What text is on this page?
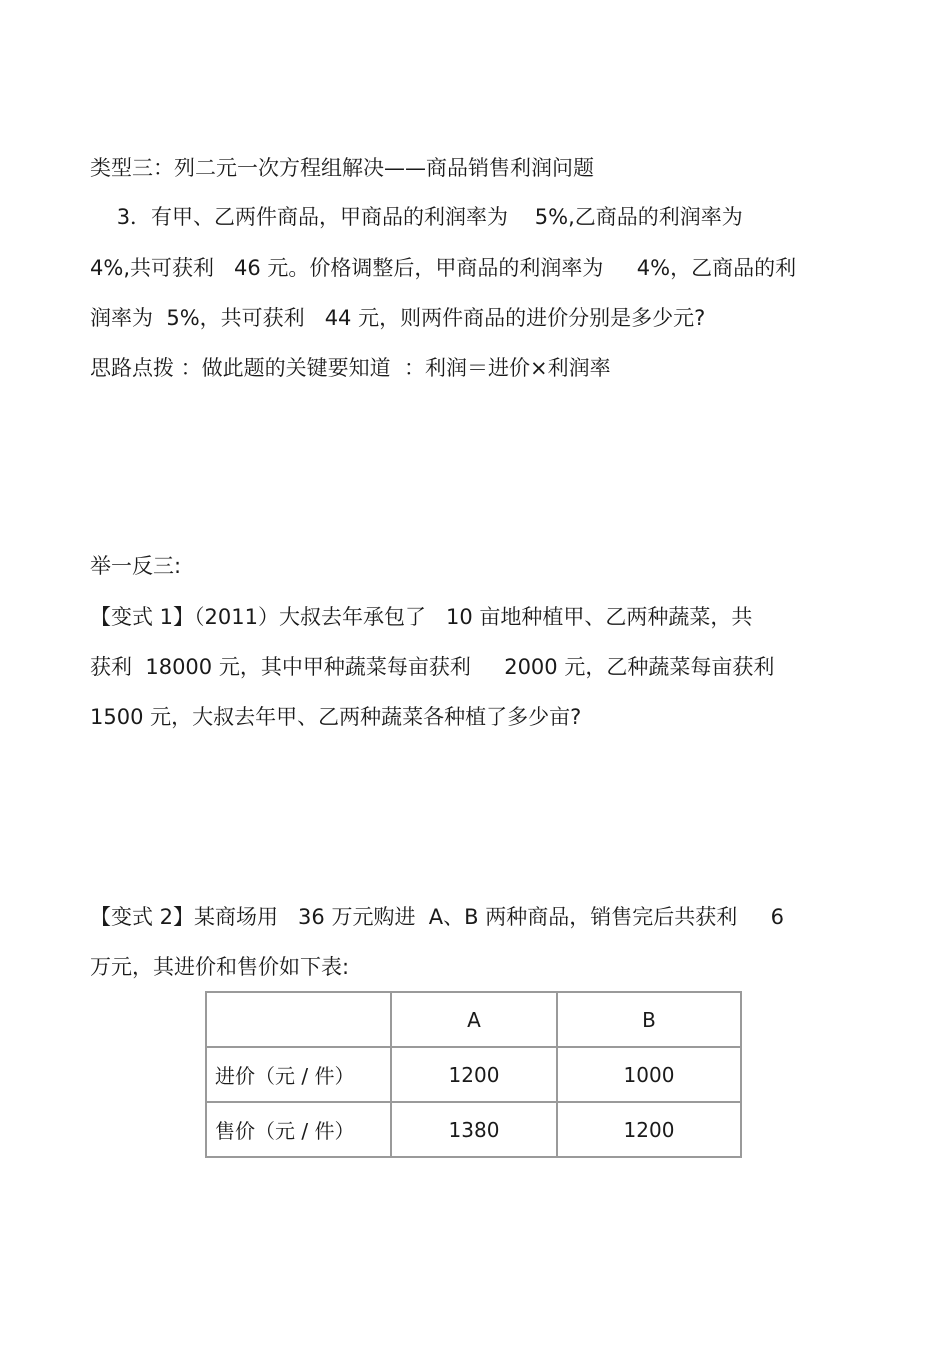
类型三：列二元一次方程组解决——商品销售利润问题
3．有甲、乙两件商品，甲商品的利润率为    5%,乙商品的利润率为
4%,共可获利   46 元。价格调整后，甲商品的利润率为     4%，乙商品的利
润率为  5%，共可获利   44 元，则两件商品的进价分别是多少元?
思路点拨 ：做此题的关键要知道  ：利润＝进价×利润率
举一反三:
【变式 1】（2011）大叔去年承包了   10 亩地种植甲、乙两种蔬菜，共
获利  18000 元，其中甲种蔬菜每亩获利     2000 元，乙种蔬菜每亩获利
1500 元，大叔去年甲、乙两种蔬菜各种植了多少亩?
【变式 2】某商场用   36 万元购进  A、B 两种商品，销售完后共获利     6
万元，其进价和售价如下表:
	A	B
进价（元 / 件）	1200	1000
售价（元 / 件）	1380	1200
